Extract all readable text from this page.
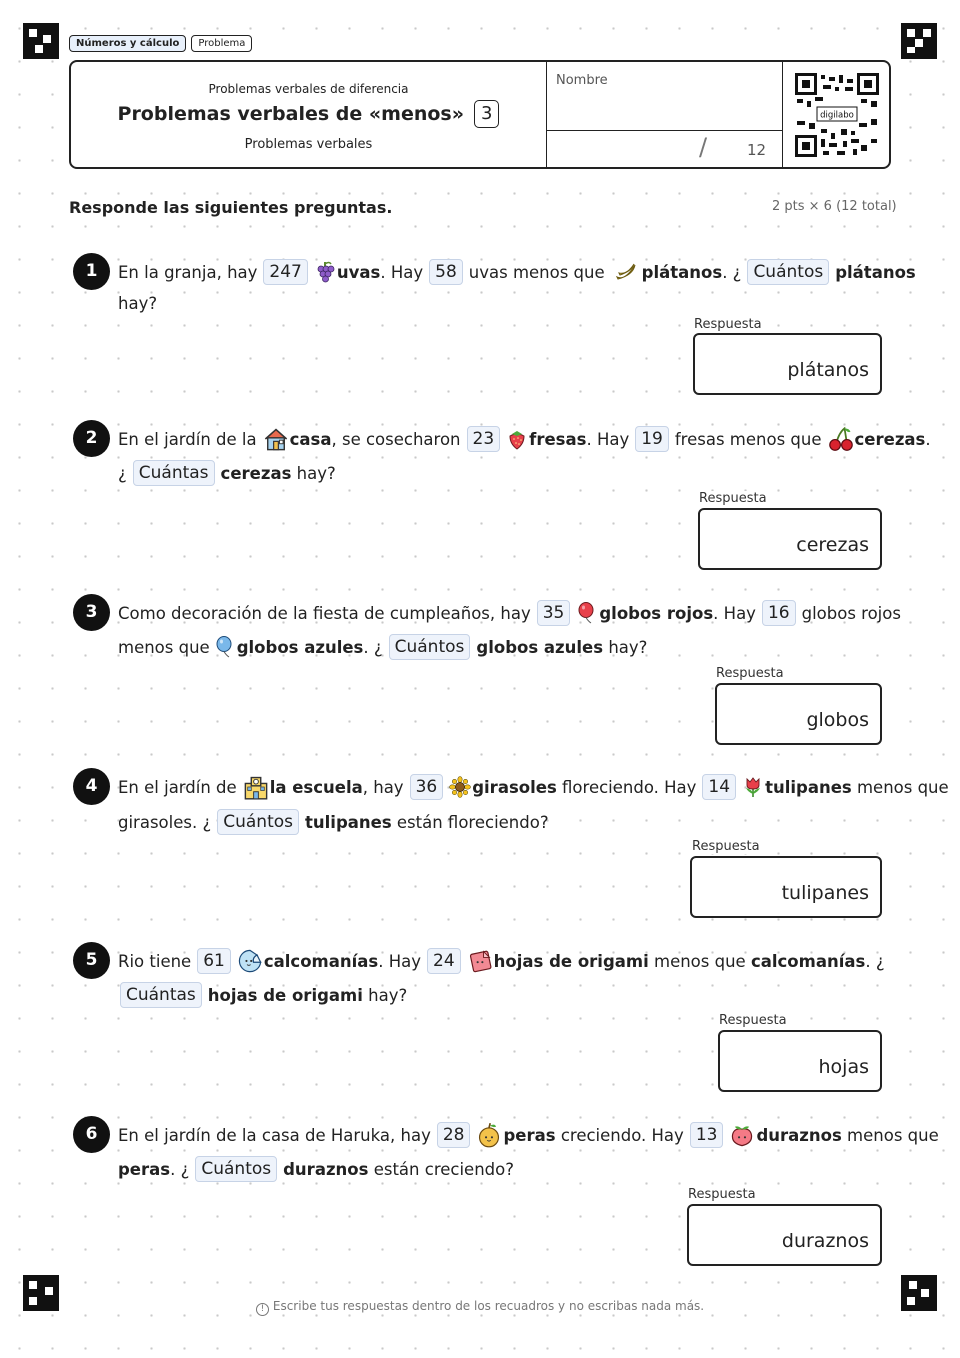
Números y cálculo	Problema
Problemas verbales de diferencia
Problemas verbales de «menos» 3
Problemas verbales
Nombre
/	12
digilabo
Responde las siguientes preguntas.	2 pts × 6 (12 total)
1	En la granja, hay 247	uvas . Hay 58 uvas menos que plátanos . ¿ Cuántos plátanos
hay?
Respuesta
plátanos
2	En el jardín de la casa , se cosecharon 23	fresas . Hay 19 fresas menos que cerezas .
¿ Cuántas cerezas
hay?
Respuesta
cerezas
3	Como decoración de la fiesta de cumpleaños, hay 35	globos rojos . Hay 16 globos rojos
menos que globos azules . ¿ Cuántos globos azules
hay?
Respuesta
globos
4	En el jardín de la escuela , hay 36	girasoles
floreciendo. Hay 14	tulipanes
menos que
girasoles. ¿ Cuántos tulipanes
están floreciendo?
Respuesta
tulipanes
5	Rio tiene 61	calcomanías . Hay 24	hojas de origami
menos que
calcomanías . ¿
Cuántas hojas de origami
hay?
Respuesta
hojas
6	En el jardín de la casa de Haruka, hay 28	peras
creciendo. Hay 13	duraznos
menos que
peras . ¿ Cuántos duraznos
están creciendo?
Respuesta
duraznos
! Escribe tus respuestas dentro de los recuadros y no escribas nada más.
